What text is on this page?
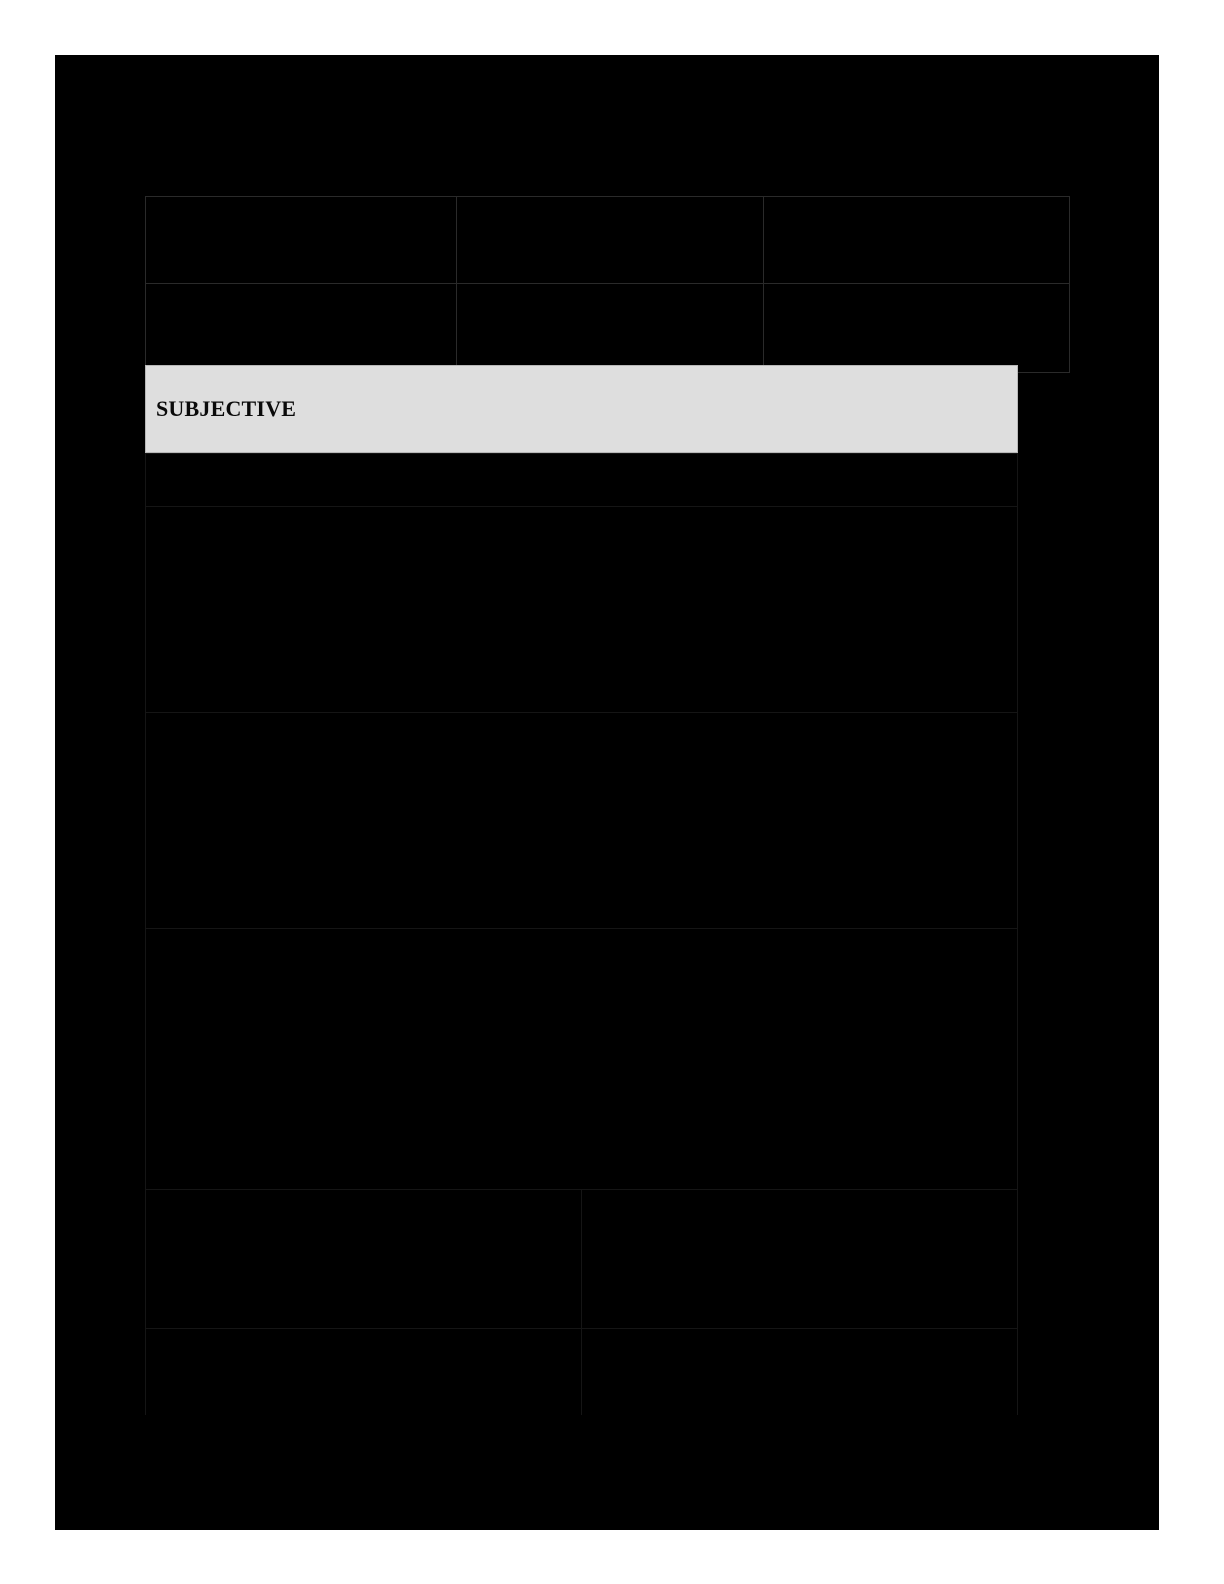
SUBJECTIVE
